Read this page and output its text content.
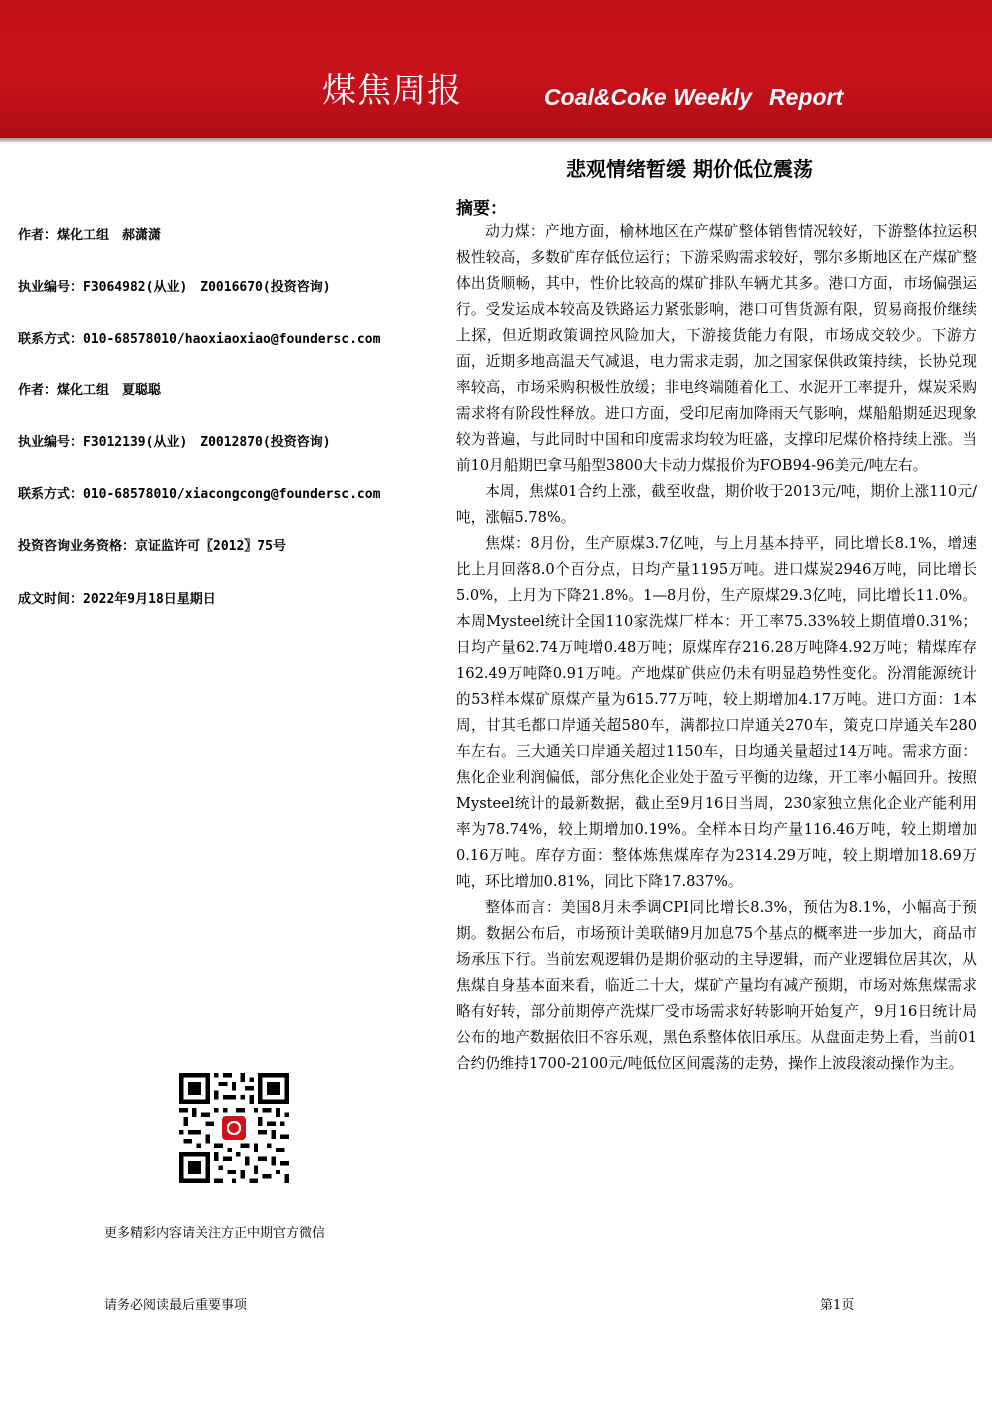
煤焦周报	Coal&Coke Weekly Report
悲观情绪暂缓 期价低位震荡
作者：煤化工组　郝潇潇
执业编号：F3064982(从业)　Z0016670(投资咨询)
联系方式：010-68578010/haoxiaoxiao@foundersc.com
作者：煤化工组　夏聪聪
执业编号：F3012139(从业)　Z0012870(投资咨询)
联系方式：010-68578010/xiacongcong@foundersc.com
投资咨询业务资格：京证监许可〖2012〗75号
成文时间：2022年9月18日星期日
摘要：

动力煤：产地方面，榆林地区在产煤矿整体销售情况较好，下游整体拉运积极性较高，多数矿库存低位运行；下游采购需求较好，鄂尔多斯地区在产煤矿整体出货顺畅，其中，性价比较高的煤矿排队车辆尤其多。港口方面，市场偏强运行。受发运成本较高及铁路运力紧张影响，港口可售货源有限，贸易商报价继续上探，但近期政策调控风险加大，下游接货能力有限，市场成交较少。下游方面，近期多地高温天气减退，电力需求走弱，加之国家保供政策持续，长协兑现率较高，市场采购积极性放缓；非电终端随着化工、水泥开工率提升，煤炭采购需求将有阶段性释放。进口方面，受印尼南加降雨天气影响，煤船船期延迟现象较为普遍，与此同时中国和印度需求均较为旺盛，支撑印尼煤价格持续上涨。当前10月船期巴拿马船型3800大卡动力煤报价为FOB94-96美元/吨左右。

本周，焦煤01合约上涨，截至收盘，期价收于2013元/吨，期价上涨110元/吨，涨幅5.78%。

焦煤：8月份，生产原煤3.7亿吨，与上月基本持平，同比增长8.1%，增速比上月回落8.0个百分点，日均产量1195万吨。进口煤炭2946万吨，同比增长5.0%，上月为下降21.8%。1—8月份，生产原煤29.3亿吨，同比增长11.0%。本周Mysteel统计全国110家洗煤厂样本：开工率75.33%较上期值增0.31%；日均产量62.74万吨增0.48万吨；原煤库存216.28万吨降4.92万吨；精煤库存162.49万吨降0.91万吨。产地煤矿供应仍未有明显趋势性变化。汾渭能源统计的53样本煤矿原煤产量为615.77万吨，较上期增加4.17万吨。进口方面：1本周，甘其毛都口岸通关超580车，满都拉口岸通关270车，策克口岸通关车280车左右。三大通关口岸通关超过1150车，日均通关量超过14万吨。需求方面：焦化企业利润偏低，部分焦化企业处于盈亏平衡的边缘，开工率小幅回升。按照Mysteel统计的最新数据，截止至9月16日当周，230家独立焦化企业产能利用率为78.74%，较上期增加0.19%。全样本日均产量116.46万吨，较上期增加0.16万吨。库存方面：整体炼焦煤库存为2314.29万吨，较上期增加18.69万吨，环比增加0.81%，同比下降17.837%。

整体而言：美国8月未季调CPI同比增长8.3%，预估为8.1%，小幅高于预期。数据公布后，市场预计美联储9月加息75个基点的概率进一步加大，商品市场承压下行。当前宏观逻辑仍是期价驱动的主导逻辑，而产业逻辑位居其次，从焦煤自身基本面来看，临近二十大，煤矿产量均有减产预期，市场对炼焦煤需求略有好转，部分前期停产洗煤厂受市场需求好转影响开始复产，9月16日统计局公布的地产数据依旧不容乐观，黑色系整体依旧承压。从盘面走势上看，当前01合约仍维持1700-2100元/吨低位区间震荡的走势，操作上波段滚动操作为主。

更多精彩内容请关注方正中期官方微信
请务必阅读最后重要事项	第1页
